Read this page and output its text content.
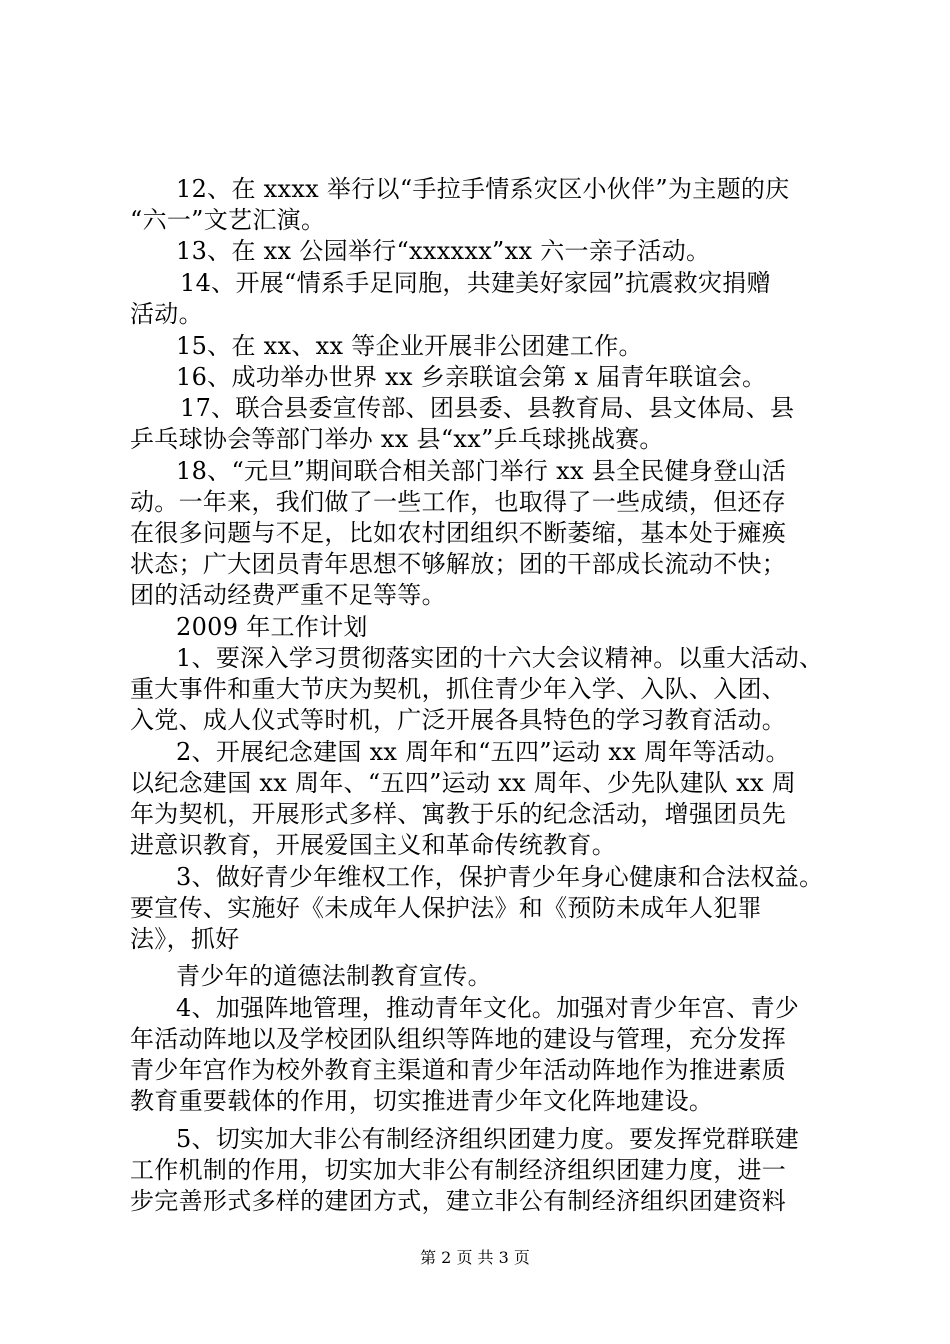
12、在 xxxx 举行以“手拉手情系灾区小伙伴”为主题的庆
“六一”文艺汇演。
13、在 xx 公园举行“xxxxxx”xx 六一亲子活动。
14、开展“情系手足同胞，共建美好家园”抗震救灾捐赠
活动。
15、在 xx、xx 等企业开展非公团建工作。
16、成功举办世界 xx 乡亲联谊会第 x 届青年联谊会。
17、联合县委宣传部、团县委、县教育局、县文体局、县
乒乓球协会等部门举办 xx 县“xx”乒乓球挑战赛。
18、“元旦”期间联合相关部门举行 xx 县全民健身登山活
动。一年来，我们做了一些工作，也取得了一些成绩，但还存
在很多问题与不足，比如农村团组织不断萎缩，基本处于瘫痪
状态；广大团员青年思想不够解放；团的干部成长流动不快；
团的活动经费严重不足等等。
2009 年工作计划
1、要深入学习贯彻落实团的十六大会议精神。以重大活动、
重大事件和重大节庆为契机，抓住青少年入学、入队、入团、
入党、成人仪式等时机，广泛开展各具特色的学习教育活动。
2、开展纪念建国 xx 周年和“五四”运动 xx 周年等活动。
以纪念建国 xx 周年、“五四”运动 xx 周年、少先队建队 xx 周
年为契机，开展形式多样、寓教于乐的纪念活动，增强团员先
进意识教育，开展爱国主义和革命传统教育。
3、做好青少年维权工作，保护青少年身心健康和合法权益。
要宣传、实施好《未成年人保护法》和《预防未成年人犯罪
法》，抓好
青少年的道德法制教育宣传。
4、加强阵地管理，推动青年文化。加强对青少年宫、青少
年活动阵地以及学校团队组织等阵地的建设与管理，充分发挥
青少年宫作为校外教育主渠道和青少年活动阵地作为推进素质
教育重要载体的作用，切实推进青少年文化阵地建设。
5、切实加大非公有制经济组织团建力度。要发挥党群联建
工作机制的作用，切实加大非公有制经济组织团建力度，进一
步完善形式多样的建团方式，建立非公有制经济组织团建资料
第 2 页 共 3 页
